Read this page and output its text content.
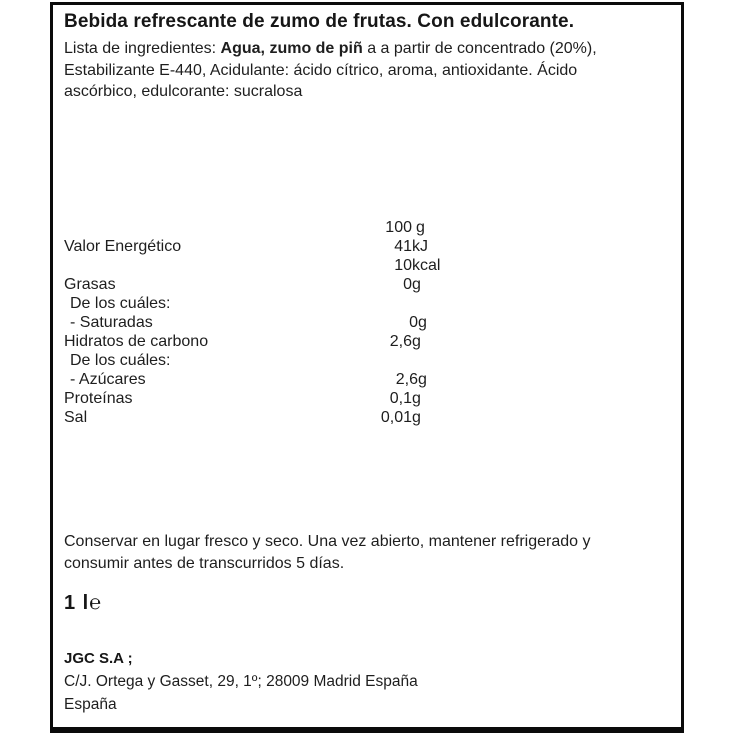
Bebida refrescante de zumo de frutas. Con edulcorante.
Lista de ingredientes: Agua, zumo de piñ a a partir de concentrado (20%), Estabilizante E-440, Acidulante: ácido cítrico, aroma, antioxidante. Ácido ascórbico, edulcorante: sucralosa
100 g
Valor Energético	41 kJ
10 kcal
Grasas	0 g
De los cuáles:
- Saturadas	0 g
Hidratos de carbono	2,6 g
De los cuáles:
- Azúcares	2,6 g
Proteínas	0,1 g
Sal	0,01 g
Conservar en lugar fresco y seco. Una vez abierto, mantener refrigerado y consumir antes de transcurridos 5 días.
1 l℮
JGC S.A ;
C/J. Ortega y Gasset, 29, 1º; 28009 Madrid España
España
